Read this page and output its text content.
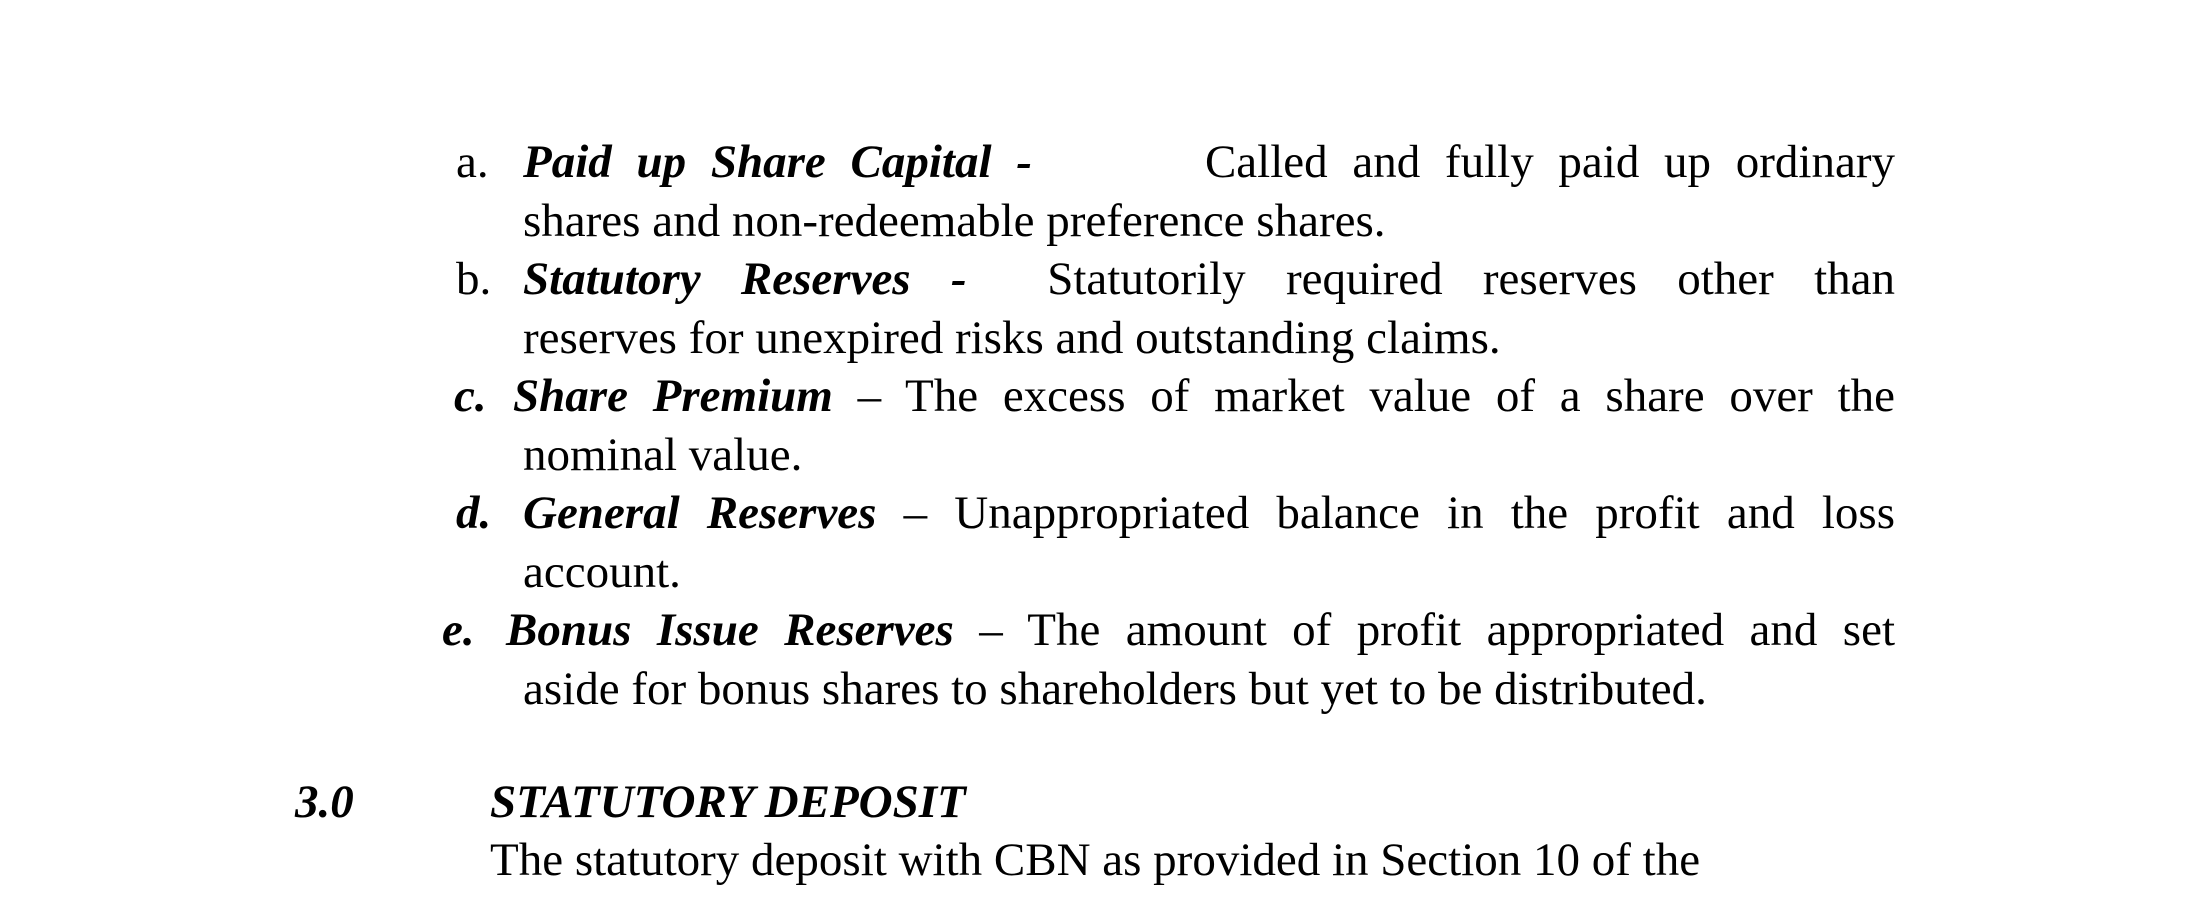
a. Paid up Share Capital -	Called and fully paid up ordinary
shares and non-redeemable preference shares.
b. Statutory Reserves - Statutorily required reserves other than
reserves for unexpired risks and outstanding claims.
c. Share Premium – The excess of market value of a share over the
nominal value.
d. General Reserves – Unappropriated balance in the profit and loss
account.
e. Bonus Issue Reserves – The amount of profit appropriated and set
aside for bonus shares to shareholders but yet to be distributed.
3.0	STATUTORY DEPOSIT
The statutory deposit with CBN as provided in Section 10 of the
